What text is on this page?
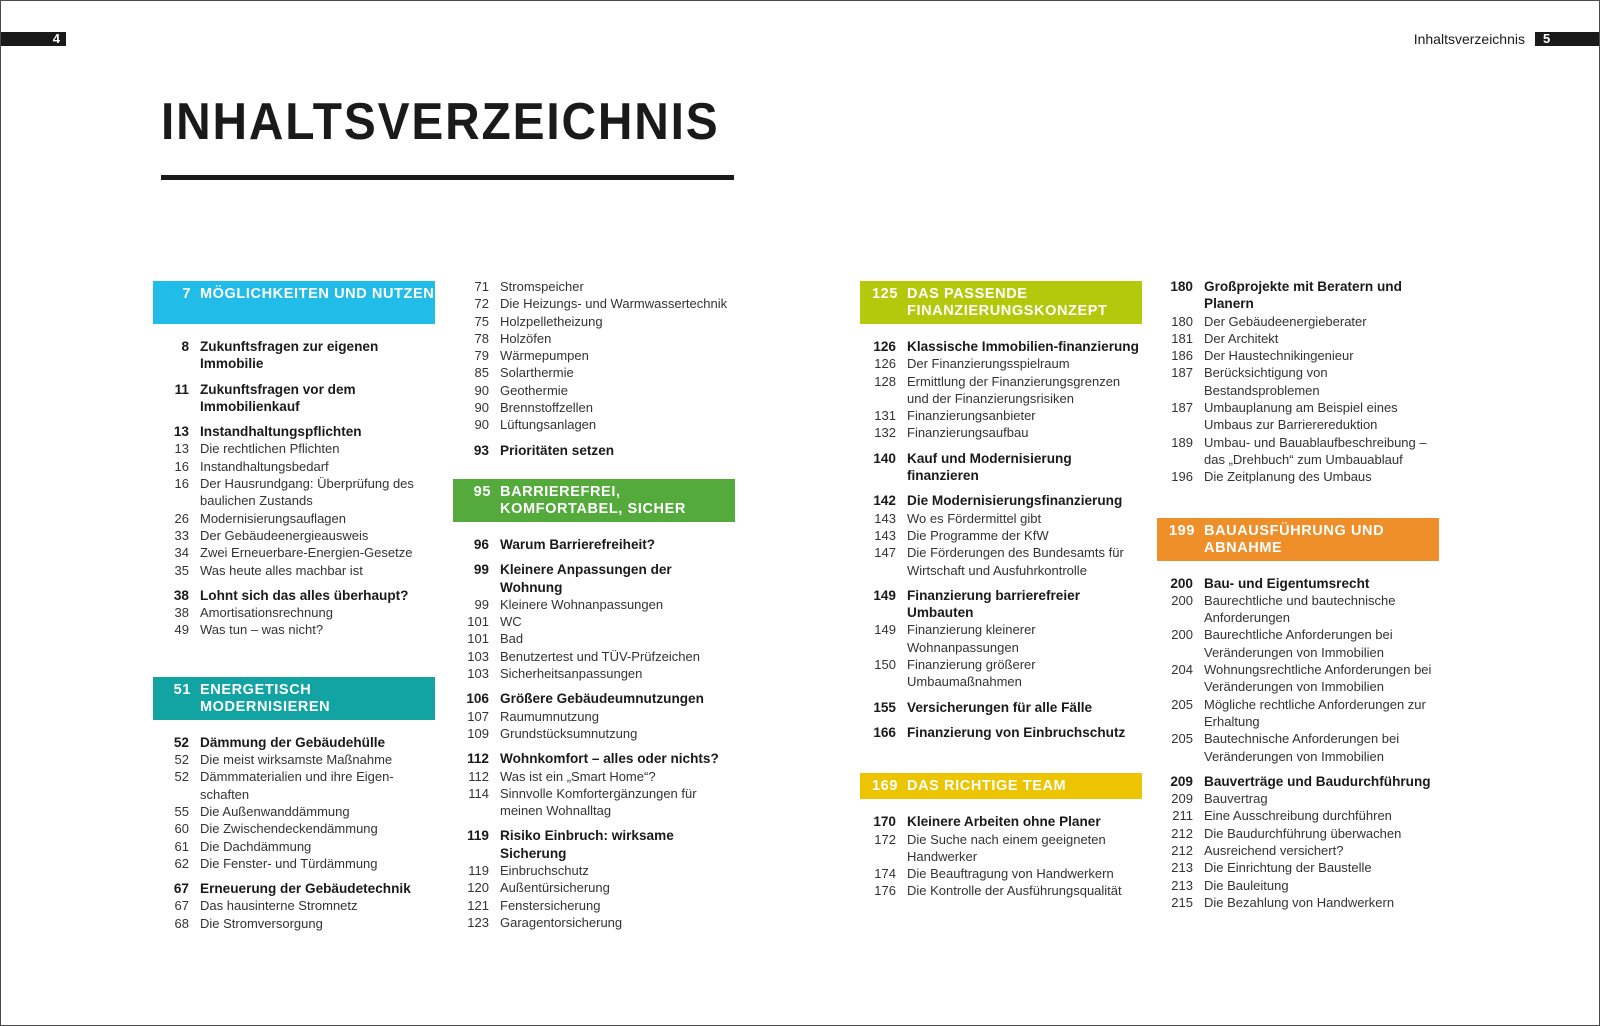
4	Inhaltsverzeichnis 5
INHALTSVERZEICHNIS
7 MÖGLICHKEITEN UND NUTZEN
8 Zukunftsfragen zur eigenen Immobilie
11 Zukunftsfragen vor dem Immobilienkauf
13 Instandhaltungspflichten
13 Die rechtlichen Pflichten
16 Instandhaltungsbedarf
16 Der Hausrundgang: Überprüfung des baulichen Zustands
26 Modernisierungsauflagen
33 Der Gebäudeenergieausweis
34 Zwei Erneuerbare-Energien-Gesetze
35 Was heute alles machbar ist
38 Lohnt sich das alles überhaupt?
38 Amortisationsrechnung
49 Was tun – was nicht?
51 ENERGETISCH MODERNISIEREN
52 Dämmung der Gebäudehülle
52 Die meist wirksamste Maßnahme
52 Dämmmaterialien und ihre Eigen-schaften
55 Die Außenwanddämmung
60 Die Zwischendeckendämmung
61 Die Dachdämmung
62 Die Fenster- und Türdämmung
67 Erneuerung der Gebäudetechnik
67 Das hausinterne Stromnetz
68 Die Stromversorgung
71 Stromspeicher
72 Die Heizungs- und Warmwassertechnik
75 Holzpelletheizung
78 Holzöfen
79 Wärmepumpen
85 Solarthermie
90 Geothermie
90 Brennstoffzellen
90 Lüftungsanlagen
93 Prioritäten setzen
95 BARRIEREFREI, KOMFORTABEL, SICHER
96 Warum Barrierefreiheit?
99 Kleinere Anpassungen der Wohnung
99 Kleinere Wohnanpassungen
101 WC
101 Bad
103 Benutzertest und TÜV-Prüfzeichen
103 Sicherheitsanpassungen
106 Größere Gebäudeumnutzungen
107 Raumumnutzung
109 Grundstücksumnutzung
112 Wohnkomfort – alles oder nichts?
112 Was ist ein „Smart Home“?
114 Sinnvolle Komfortergänzungen für meinen Wohnalltag
119 Risiko Einbruch: wirksame Sicherung
119 Einbruchschutz
120 Außentürsicherung
121 Fenstersicherung
123 Garagentorsicherung
125 DAS PASSENDE FINANZIERUNGSKONZEPT
126 Klassische Immobilien-finanzierung
126 Der Finanzierungsspielraum
128 Ermittlung der Finanzierungsgrenzen und der Finanzierungsrisiken
131 Finanzierungsanbieter
132 Finanzierungsaufbau
140 Kauf und Modernisierung finanzieren
142 Die Modernisierungsfinanzierung
143 Wo es Fördermittel gibt
143 Die Programme der KfW
147 Die Förderungen des Bundesamts für Wirtschaft und Ausfuhrkontrolle
149 Finanzierung barrierefreier Umbauten
149 Finanzierung kleinerer Wohnanpassungen
150 Finanzierung größerer Umbaumaßnahmen
155 Versicherungen für alle Fälle
166 Finanzierung von Einbruchschutz
169 DAS RICHTIGE TEAM
170 Kleinere Arbeiten ohne Planer
172 Die Suche nach einem geeigneten Handwerker
174 Die Beauftragung von Handwerkern
176 Die Kontrolle der Ausführungsqualität
180 Großprojekte mit Beratern und Planern
180 Der Gebäudeenergieberater
181 Der Architekt
186 Der Haustechnikingenieur
187 Berücksichtigung von Bestandsproblemen
187 Umbauplanung am Beispiel eines Umbaus zur Barrierereduktion
189 Umbau- und Bauablaufbeschreibung – das „Drehbuch“ zum Umbauablauf
196 Die Zeitplanung des Umbaus
199 BAUAUSFÜHRUNG UND ABNAHME
200 Bau- und Eigentumsrecht
200 Baurechtliche und bautechnische Anforderungen
200 Baurechtliche Anforderungen bei Veränderungen von Immobilien
204 Wohnungsrechtliche Anforderungen bei Veränderungen von Immobilien
205 Mögliche rechtliche Anforderungen zur Erhaltung
205 Bautechnische Anforderungen bei Veränderungen von Immobilien
209 Bauverträge und Baudurchführung
209 Bauvertrag
211 Eine Ausschreibung durchführen
212 Die Baudurchführung überwachen
212 Ausreichend versichert?
213 Die Einrichtung der Baustelle
213 Die Bauleitung
215 Die Bezahlung von Handwerkern
